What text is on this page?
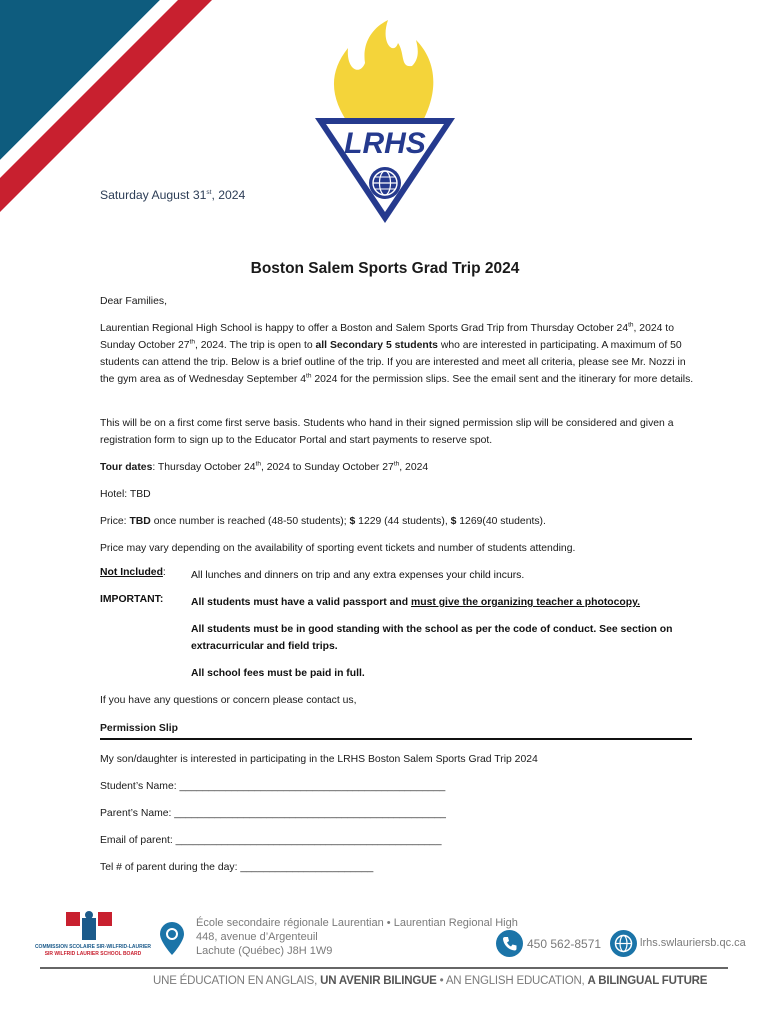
LRHS
Saturday August 31st, 2024
Boston Salem Sports Grad Trip 2024
Dear Families,
Laurentian Regional High School is happy to offer a Boston and Salem Sports Grad Trip from Thursday October 24th, 2024 to Sunday October 27th, 2024. The trip is open to all Secondary 5 students who are interested in participating. A maximum of 50 students can attend the trip. Below is a brief outline of the trip. If you are interested and meet all criteria, please see Mr. Nozzi in the gym area as of Wednesday September 4th 2024 for the permission slips. See the email sent and the itinerary for more details.
This will be on a first come first serve basis. Students who hand in their signed permission slip will be considered and given a registration form to sign up to the Educator Portal and start payments to reserve spot.
Tour dates: Thursday October 24th, 2024 to Sunday October 27th, 2024
Hotel: TBD
Price: TBD once number is reached (48-50 students); $ 1229 (44 students), $ 1269(40 students).
Price may vary depending on the availability of sporting event tickets and number of students attending.
Not Included: All lunches and dinners on trip and any extra expenses your child incurs.
IMPORTANT:	All students must have a valid passport and must give the organizing teacher a photocopy.
All students must be in good standing with the school as per the code of conduct. See section on extracurricular and field trips.
All school fees must be paid in full.
If you have any questions or concern please contact us,
Permission Slip
My son/daughter is interested in participating in the LRHS Boston Salem Sports Grad Trip 2024
Student’s Name: ______________________________________________
Parent’s Name: _______________________________________________
Email of parent: ______________________________________________
Tel # of parent during the day: _______________________
COMMISSION SCOLAIRE SIR-WILFRID-LAURIER
SIR WILFRID LAURIER SCHOOL BOARD
École secondaire régionale Laurentian • Laurentian Regional High
448, avenue d’Argenteuil
Lachute (Québec) J8H 1W9	450 562-8571	lrhs.swlauriersb.qc.ca
UNE ÉDUCATION EN ANGLAIS, UN AVENIR BILINGUE • AN ENGLISH EDUCATION, A BILINGUAL FUTURE
